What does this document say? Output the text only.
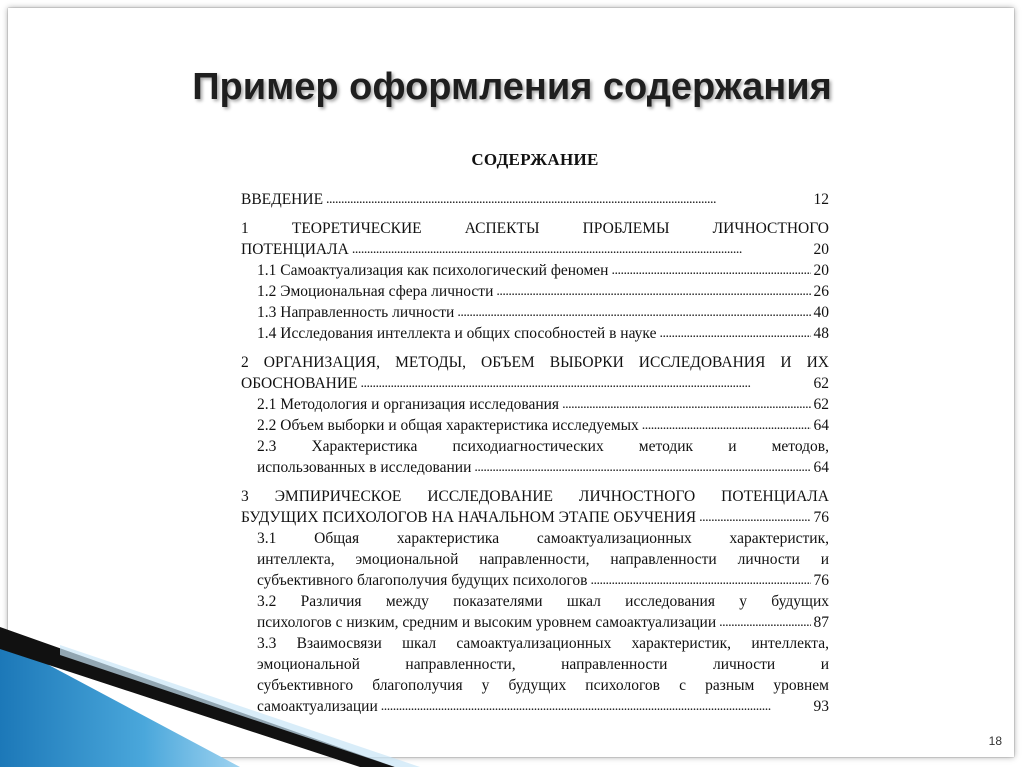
Пример оформления содержания
СОДЕРЖАНИЕ
ВВЕДЕНИЕ . . .	12
1 ТЕОРЕТИЧЕСКИЕ АСПЕКТЫ ПРОБЛЕМЫ ЛИЧНОСТНОГО
ПОТЕНЦИАЛА . . .	20
1.1 Самоактуализация как психологический феномен . . .	20
1.2 Эмоциональная сфера личности . . .	26
1.3 Направленность личности . . .	40
1.4 Исследования интеллекта и общих способностей в науке . . .	48
2 ОРГАНИЗАЦИЯ, МЕТОДЫ, ОБЪЕМ ВЫБОРКИ ИССЛЕДОВАНИЯ И ИХ
ОБОСНОВАНИЕ . . .	62
2.1 Методология и организация исследования . . .	62
2.2 Объем выборки и общая характеристика исследуемых . . .	64
2.3 Характеристика психодиагностических методик и методов,
использованных в исследовании . . .	64
3 ЭМПИРИЧЕСКОЕ ИССЛЕДОВАНИЕ ЛИЧНОСТНОГО ПОТЕНЦИАЛА
БУДУЩИХ ПСИХОЛОГОВ НА НАЧАЛЬНОМ ЭТАПЕ ОБУЧЕНИЯ . . .	76
3.1 Общая характеристика самоактуализационных характеристик,
интеллекта, эмоциональной направленности, направленности личности и
субъективного благополучия будущих психологов . . .	76
3.2 Различия между показателями шкал исследования у будущих
психологов с низким, средним и высоким уровнем самоактуализации . . .	87
3.3 Взаимосвязи шкал самоактуализационных характеристик, интеллекта,
эмоциональной направленности, направленности личности и
субъективного благополучия у будущих психологов с разным уровнем
самоактуализации . . .	93
18
